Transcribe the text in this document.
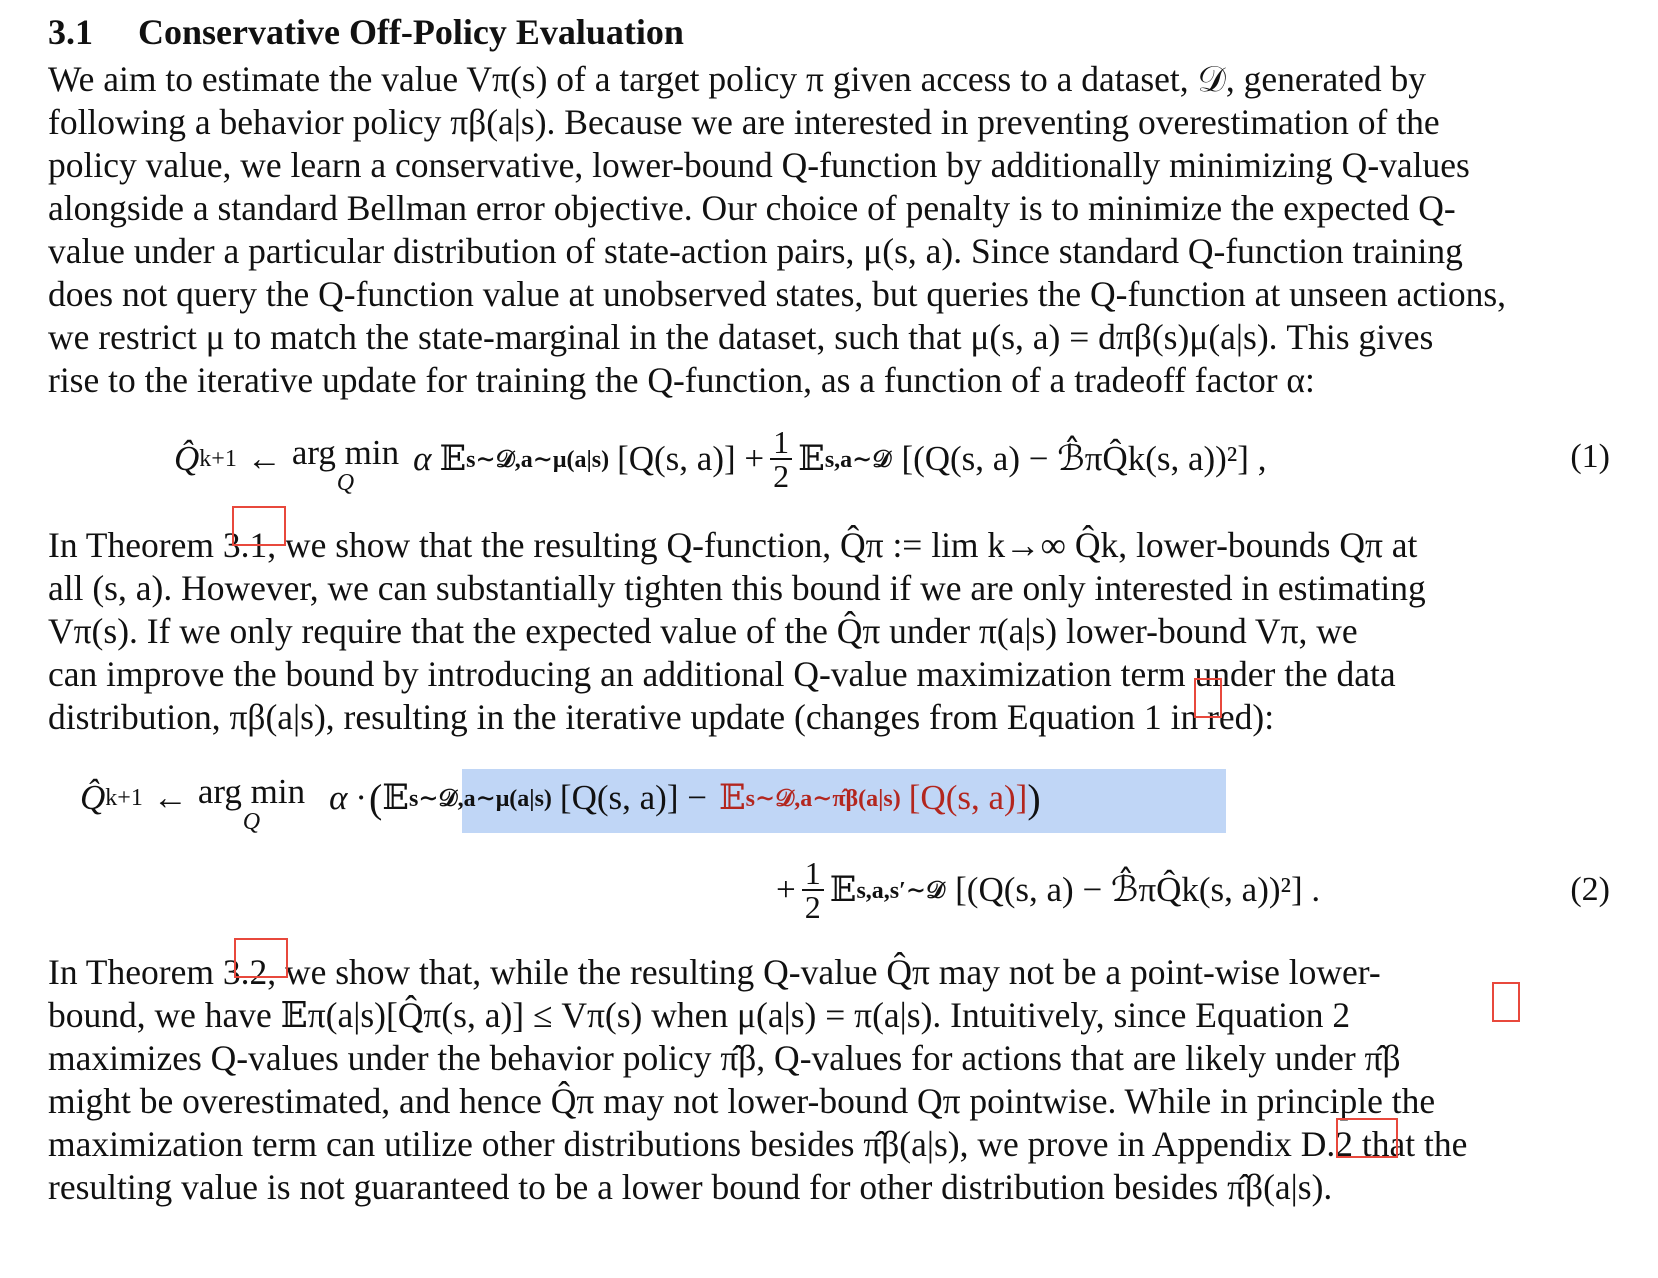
3.1 Conservative Off-Policy Evaluation

We aim to estimate the value Vπ(s) of a target policy π given access to a dataset, 𝒟, generated by
following a behavior policy πβ(a|s). Because we are interested in preventing overestimation of the
policy value, we learn a conservative, lower-bound Q-function by additionally minimizing Q-values
alongside a standard Bellman error objective. Our choice of penalty is to minimize the expected Q-
value under a particular distribution of state-action pairs, μ(s, a). Since standard Q-function training
does not query the Q-function value at unobserved states, but queries the Q-function at unseen actions,
we restrict μ to match the state-marginal in the dataset, such that μ(s, a) = dπβ(s)μ(a|s). This gives
rise to the iterative update for training the Q-function, as a function of a tradeoff factor α:

Q̂ k+1 ← arg min
Q
α 𝔼 s∼𝒟,a∼μ(a|s) [Q(s, $a)] + \frac{1}{2}$ 𝔼 s,a∼𝒟 [(Q(s, a) − ℬ̂πQ̂k(s, a))²] ,	(1)

In Theorem 3.1, we show that the resulting Q-function, Q̂π := lim k→∞ Q̂k, lower-bounds Qπ at
all (s, a). However, we can substantially tighten this bound if we are only interested in estimating
Vπ(s). If we only require that the expected value of the Q̂π under π(a|s) lower-bound Vπ, we
can improve the bound by introducing an additional Q-value maximization term under the data
distribution, πβ(a|s), resulting in the iterative update (changes from Equation 1 in red):

Q̂ k+1 ← arg min
Q
α · ( 𝔼 s∼𝒟,a∼μ(a|s) [Q(s, a)] − 𝔼 s∼𝒟,a∼π̂β(a|s) [Q(s, a)] )
+ $\frac{1}{2}$ 𝔼 s,a,s′∼𝒟 [(Q(s, a) − ℬ̂πQ̂k(s, a))²] .	(2)

In Theorem 3.2, we show that, while the resulting Q-value Q̂π may not be a point-wise lower-
bound, we have 𝔼π(a|s)[Q̂π(s, a)] ≤ Vπ(s) when μ(a|s) = π(a|s). Intuitively, since Equation 2
maximizes Q-values under the behavior policy π̂β, Q-values for actions that are likely under π̂β
might be overestimated, and hence Q̂π may not lower-bound Qπ pointwise. While in principle the
maximization term can utilize other distributions besides π̂β(a|s), we prove in Appendix D.2 that the
resulting value is not guaranteed to be a lower bound for other distribution besides π̂β(a|s).
